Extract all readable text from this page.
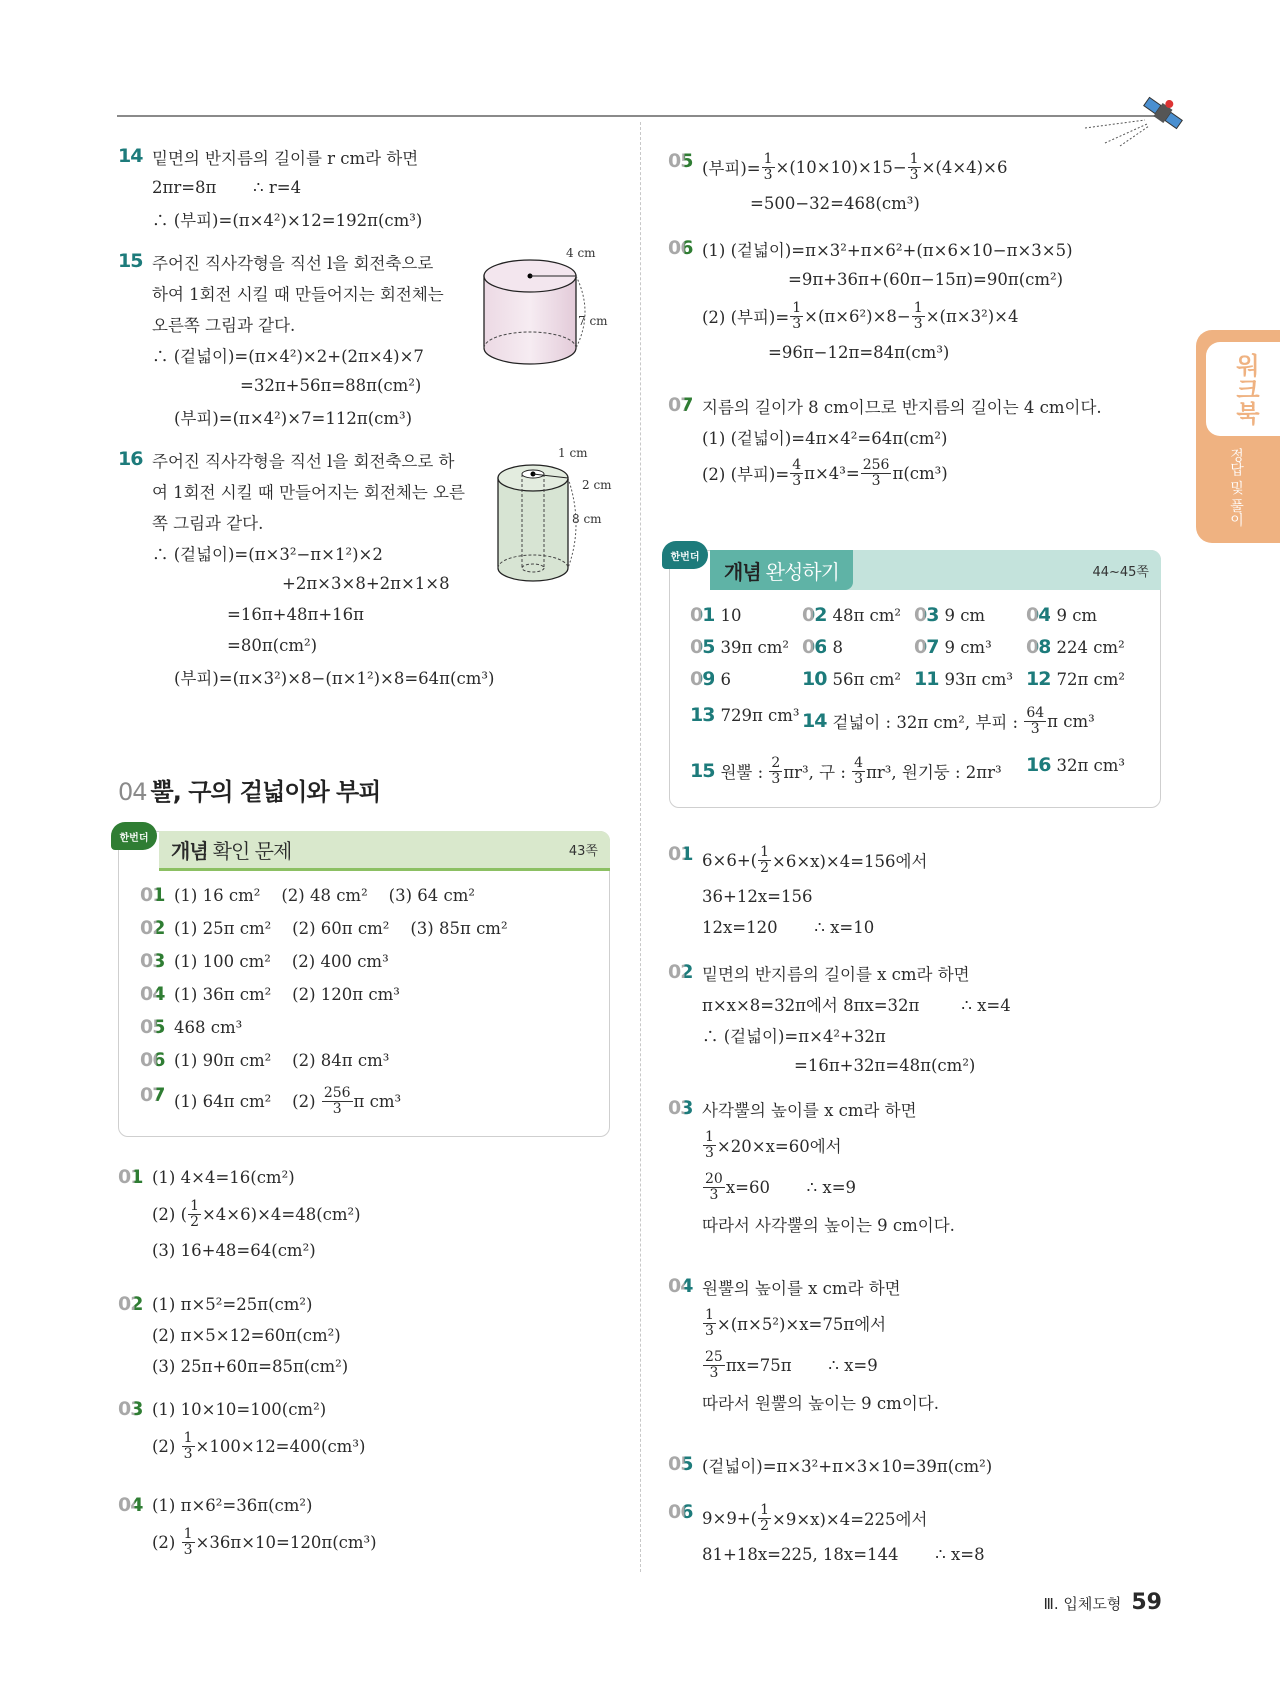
14 밑면의 반지름의 길이를 r cm라 하면
2πr=8π       ∴ r=4
∴ (부피)=(π×4²)×12=192π(cm³)
15 주어진 직사각형을 직선 l을 회전축으로
하여 1회전 시킬 때 만들어지는 회전체는
오른쪽 그림과 같다.
∴ (겉넓이)=(π×4²)×2+(2π×4)×7
=32π+56π=88π(cm²)
(부피)=(π×4²)×7=112π(cm³)
16 주어진 직사각형을 직선 l을 회전축으로 하
여 1회전 시킬 때 만들어지는 회전체는 오른
쪽 그림과 같다.
∴ (겉넓이)=(π×3²−π×1²)×2
+2π×3×8+2π×1×8
=16π+48π+16π
=80π(cm²)
(부피)=(π×3²)×8−(π×1²)×8=64π(cm³)
4 cm
7 cm
1 cm
2 cm
8 cm
04 뿔, 구의 겉넓이와 부피
개념 확인 문제	43쪽
한번더
01 (1) 16 cm²    (2) 48 cm²    (3) 64 cm²
02 (1) 25π cm²    (2) 60π cm²    (3) 85π cm²
03 (1) 100 cm²    (2) 400 cm³
04 (1) 36π cm²    (2) 120π cm³
05 468 cm³
06 (1) 90π cm²    (2) 84π cm³
07 (1) 64π cm²    $(2) \frac{256}{3}$ π cm³
01 (1) 4×4=16(cm²)
(2) ( $\frac{1}{2} \times 4\times 6)\times 4=48(cm^2)$
(3) 16+48=64(cm²)
02 (1) π×5²=25π(cm²)
(2) π×5×12=60π(cm²)
(3) 25π+60π=85π(cm²)
03 (1) 10×10=100(cm²)
$(2) \frac{1}{3} \times 100\times 12=400(cm^3)$
04 (1) π×6²=36π(cm²)
$(2) \frac{1}{3} \times 36\pi\times 10=120\pi(cm^3)$
05 (부피)= $\frac{1}{3} \times(10\times 10)\times 15- \frac{1}{3} \times(4\times 4)\times 6$
=500−32=468(cm³)
06 (1) (겉넓이)=π×3²+π×6²+(π×6×10−π×3×5)
=9π+36π+(60π−15π)=90π(cm²)
(2) (부피)= $\frac{1}{3} \times(\pi\times 6^2)\times 8- \frac{1}{3} \times(\pi\times 3^2)\times 4$
=96π−12π=84π(cm³)
07 지름의 길이가 8 cm이므로 반지름의 길이는 4 cm이다.
(1) (겉넓이)=4π×4²=64π(cm²)
(2) (부피)= $\frac{4}{3} \pi\times 4^3= \frac{256}{3} \pi(cm^3)$
개념 완성하기	44~45쪽
한번더
01 10	02 48π cm² 03 9 cm 04 9 cm
05 39π cm² 06 8	07 9 cm³ 08 224 cm²
09 6	10 56π cm² 11 93π cm³ 12 72π cm²
13 729π cm³ 14 겉넓이 : 32π cm², 부피 : $\frac{64}{3}$ π cm³
15 원뿔 : $\frac{2}{3} \pi r^3$, 구 : $\frac{4}{3} \pi r^3$, 원기둥 : 2πr³ 16 32π cm³
01 $6\times 6+( \frac{1}{2} \times 6\times x)\times 4=156$에서
36+12x=156
12x=120       ∴ x=10
02 밑면의 반지름의 길이를 x cm라 하면
π×x×8=32π에서 8πx=32π        ∴ x=4
∴ (겉넓이)=π×4²+32π
=16π+32π=48π(cm²)
03 사각뿔의 높이를 x cm라 하면
$\frac{1}{3} \times 20\times x=60$에서
$\frac{20}{3} x=60$       ∴ x=9
따라서 사각뿔의 높이는 9 cm이다.
04 원뿔의 높이를 x cm라 하면
$\frac{1}{3} \times(\pi\times 5^2)\times x=75\pi$에서
$\frac{25}{3} \pi x=75\pi$       ∴ x=9
따라서 원뿔의 높이는 9 cm이다.
05 (겉넓이)=π×3²+π×3×10=39π(cm²)
06 $9\times 9+( \frac{1}{2} \times 9\times x)\times 4=225$에서
81+18x=225, 18x=144       ∴ x=8
워크북
정답 및 풀이
Ⅲ. 입체도형 59
